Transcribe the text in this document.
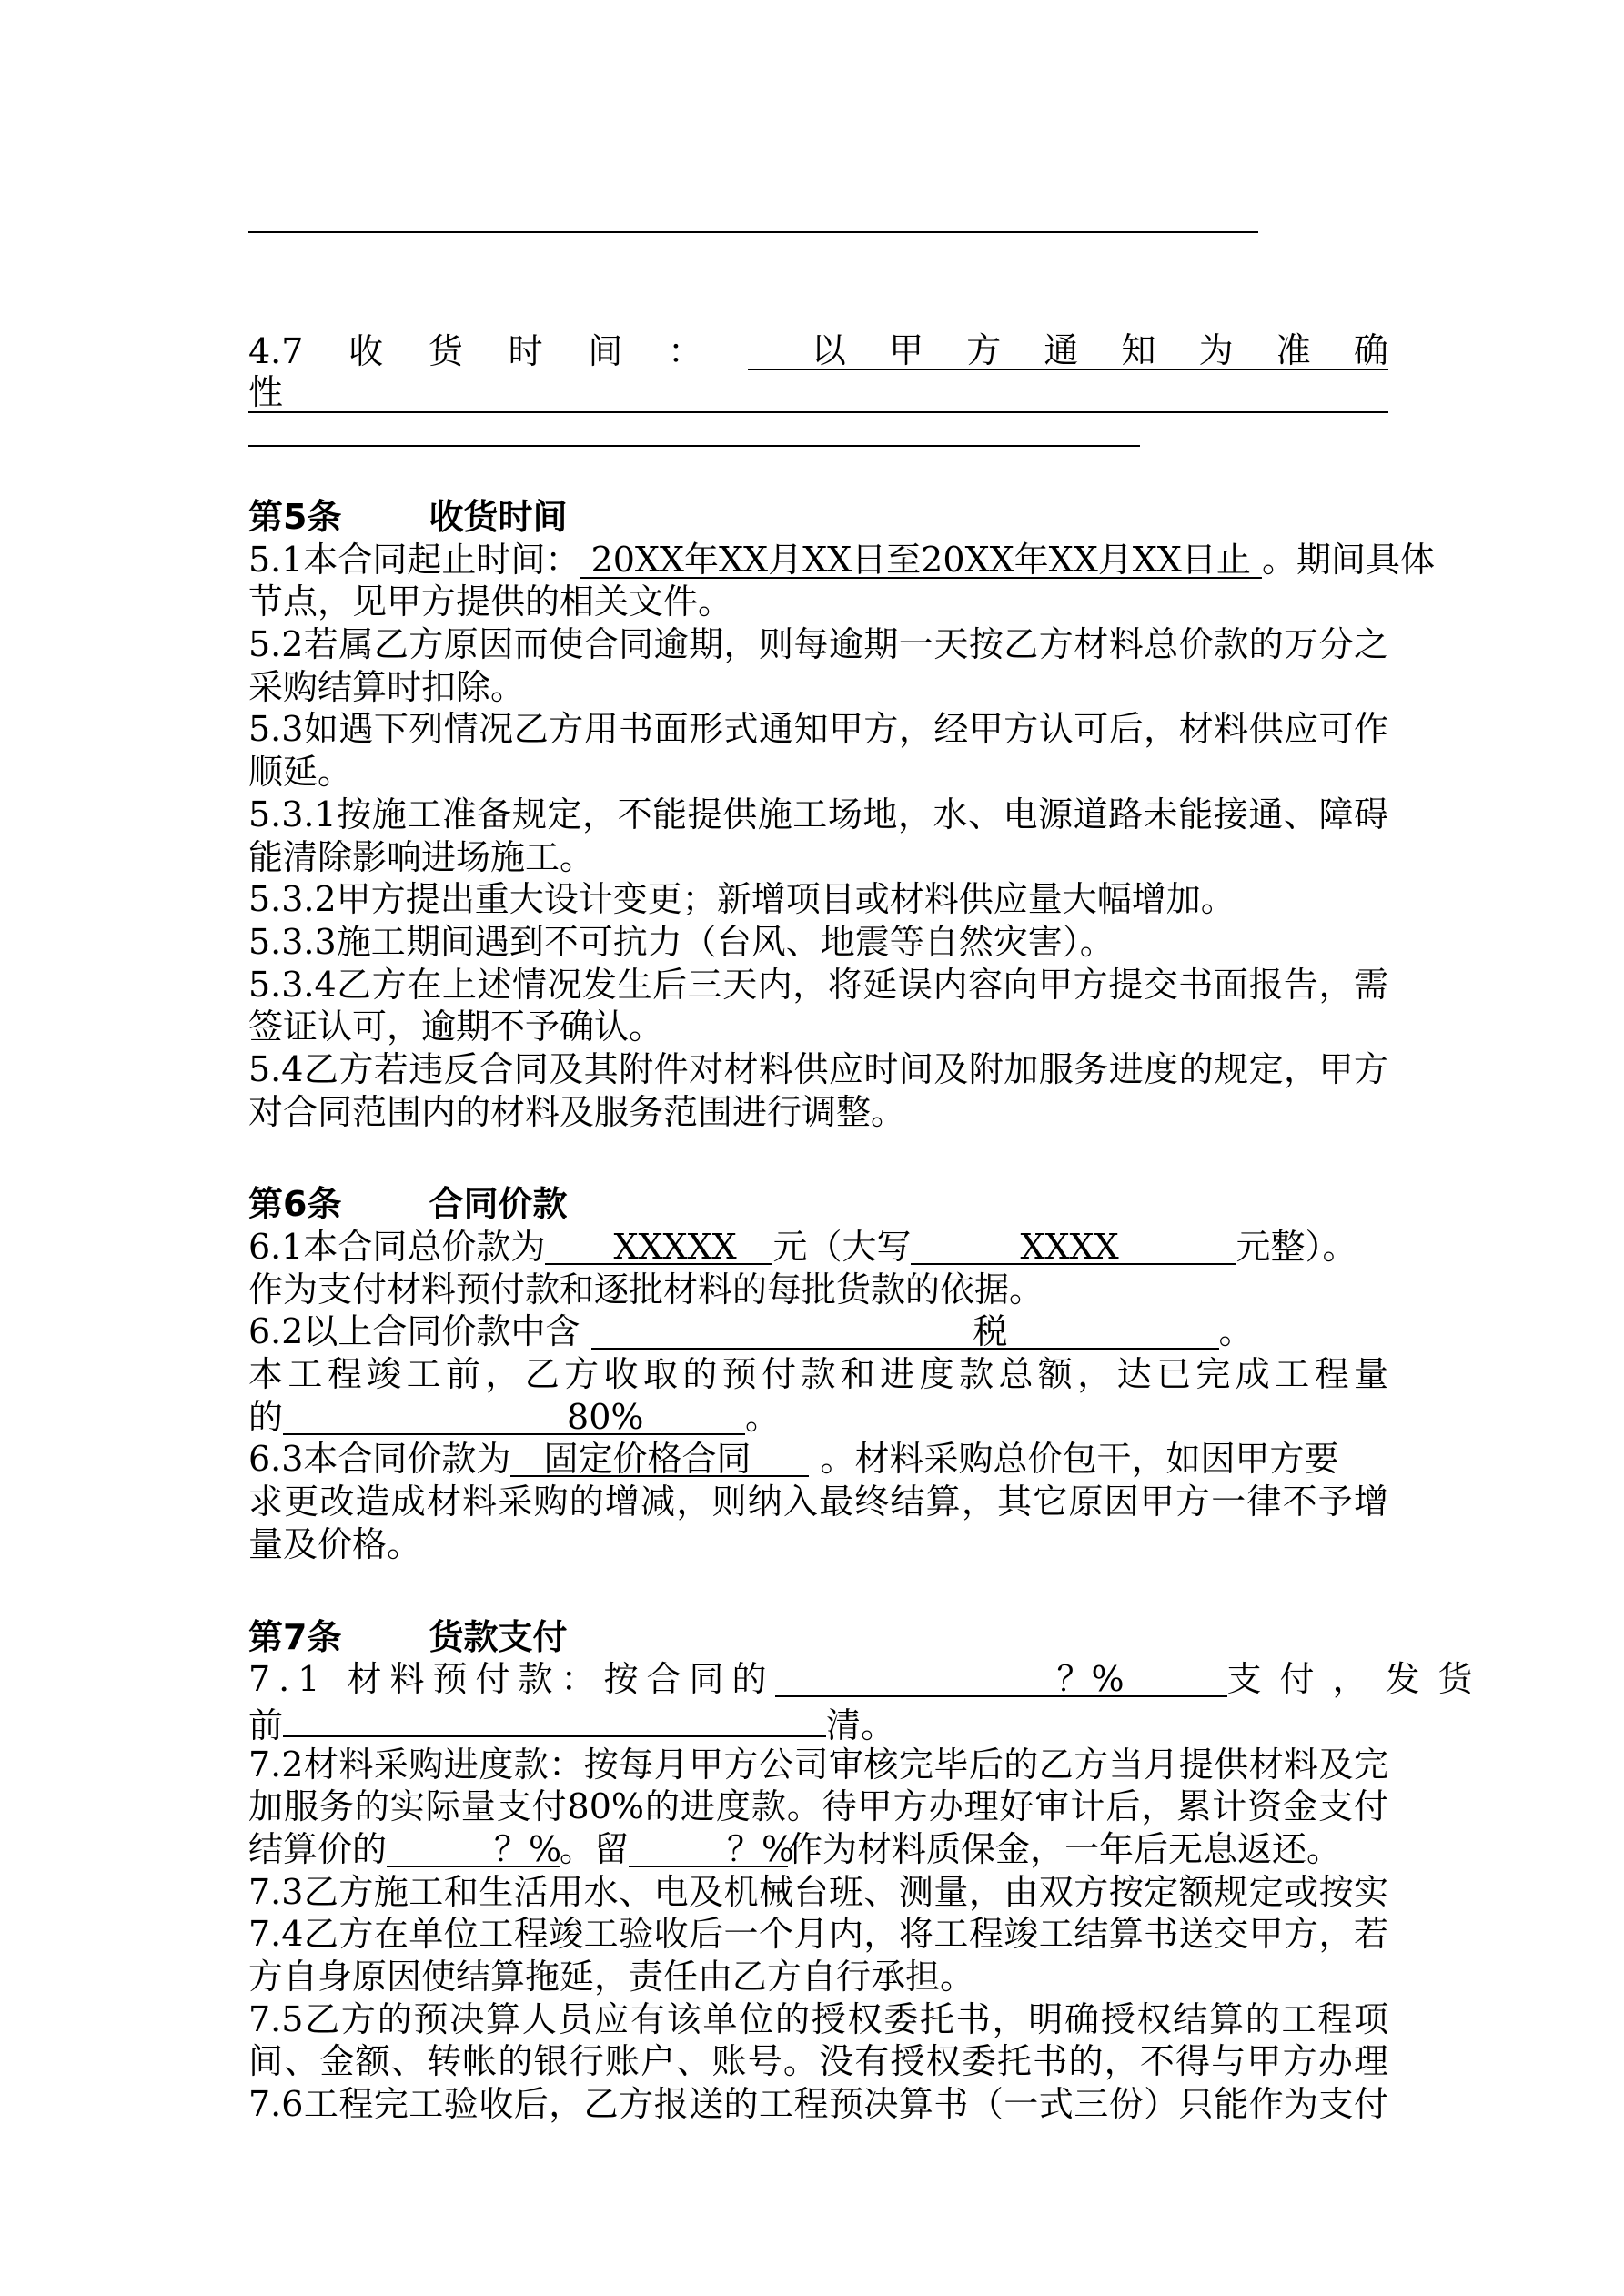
4.7 收 货 时 间 ：	以 甲 方 通 知 为 准 确
性
第5条	收货时间
5.1本合同起止时间： 20XX年XX月XX日至20XX年XX月XX日止 。期间具体
节点，见甲方提供的相关文件。
5.2若属乙方原因而使合同逾期，则每逾期一天按乙方材料总价款的万分之
采购结算时扣除。
5.3如遇下列情况乙方用书面形式通知甲方，经甲方认可后，材料供应可作
顺延。
5.3.1按施工准备规定，不能提供施工场地，水、电源道路未能接通、障碍
能清除影响进场施工。
5.3.2甲方提出重大设计变更；新增项目或材料供应量大幅增加。
5.3.3施工期间遇到不可抗力（台风、地震等自然灾害）。
5.3.4乙方在上述情况发生后三天内，将延误内容向甲方提交书面报告，需
签证认可，逾期不予确认。
5.4乙方若违反合同及其附件对材料供应时间及附加服务进度的规定，甲方
对合同范围内的材料及服务范围进行调整。
第6条	合同价款
6.1本合同总价款为 XXXXX 元（大写	XXXX	元整）。
作为支付材料预付款和逐批材料的每批货款的依据。
6.2以上合同价款中含	税	。
本工程竣工前，乙方收取的预付款和进度款总额，达已完成工程量
的	80%	。
6.3本合同价款为 固定价格合同 。材料采购总价包干，如因甲方要
求更改造成材料采购的增减，则纳入最终结算，其它原因甲方一律不予增
量及价格。
第7条	货款支付
7.1 材料预付款：按合同的	？%	支付，发货
前	清。
7.2材料采购进度款：按每月甲方公司审核完毕后的乙方当月提供材料及完
加服务的实际量支付80%的进度款。待甲方办理好审计后，累计资金支付
结算价的	？%。留	？%作为材料质保金，一年后无息返还。
7.3乙方施工和生活用水、电及机械台班、测量，由双方按定额规定或按实
7.4乙方在单位工程竣工验收后一个月内，将工程竣工结算书送交甲方，若
方自身原因使结算拖延，责任由乙方自行承担。
7.5乙方的预决算人员应有该单位的授权委托书，明确授权结算的工程项
间、金额、转帐的银行账户、账号。没有授权委托书的，不得与甲方办理
7.6工程完工验收后，乙方报送的工程预决算书（一式三份）只能作为支付
